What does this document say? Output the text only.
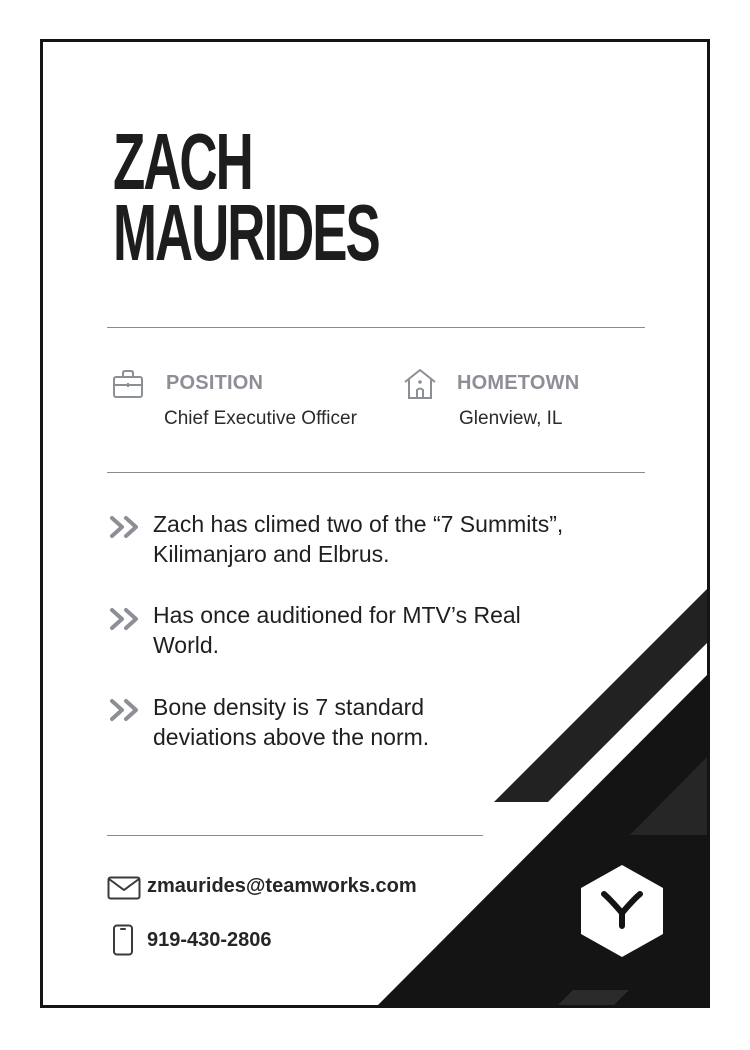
ZACH
MAURIDES
POSITION
Chief Executive Officer
HOMETOWN
Glenview, IL
Zach has climed two of the “7 Summits”,
Kilimanjaro and Elbrus.
Has once auditioned for MTV’s Real
World.
Bone density is 7 standard
deviations above the norm.
zmaurides@teamworks.com
919-430-2806
